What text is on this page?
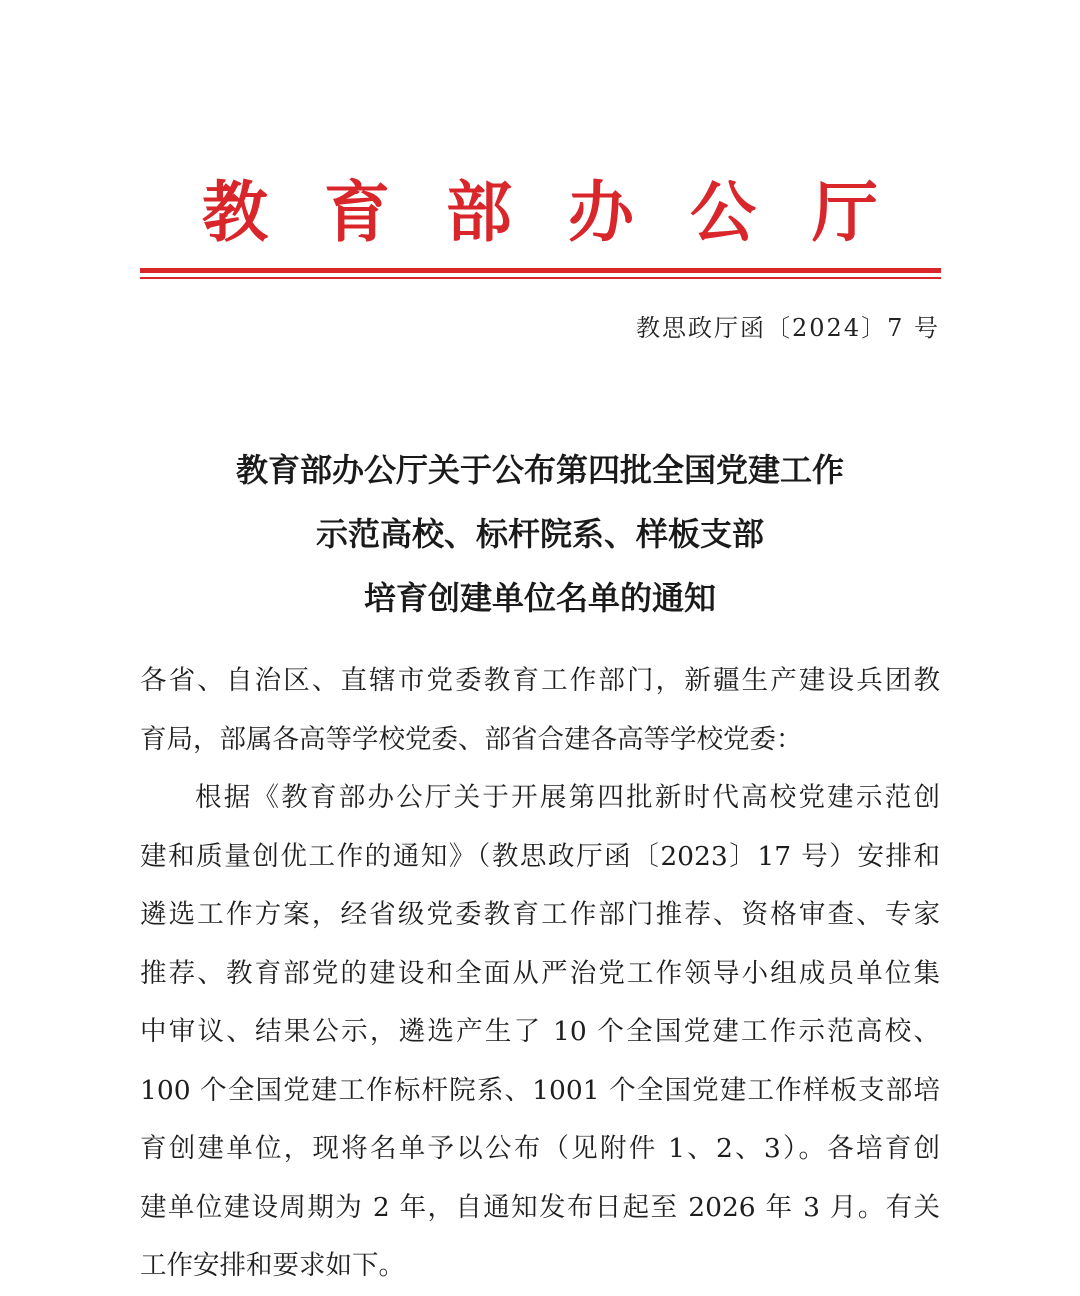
教育部办公厅
教思政厅函〔2024〕7 号
教育部办公厅关于公布第四批全国党建工作
示范高校、标杆院系、样板支部
培育创建单位名单的通知

各省、自治区、直辖市党委教育工作部门，新疆生产建设兵团教

育局，部属各高等学校党委、部省合建各高等学校党委：

根据《教育部办公厅关于开展第四批新时代高校党建示范创

建和质量创优工作的通知》（教思政厅函〔2023〕17 号）安排和

遴选工作方案，经省级党委教育工作部门推荐、资格审查、专家

推荐、教育部党的建设和全面从严治党工作领导小组成员单位集

中审议、结果公示，遴选产生了 10 个全国党建工作示范高校、

100 个全国党建工作标杆院系、1001 个全国党建工作样板支部培

育创建单位，现将名单予以公布（见附件 1、2、3）。各培育创

建单位建设周期为 2 年，自通知发布日起至 2026 年 3 月。有关

工作安排和要求如下。
